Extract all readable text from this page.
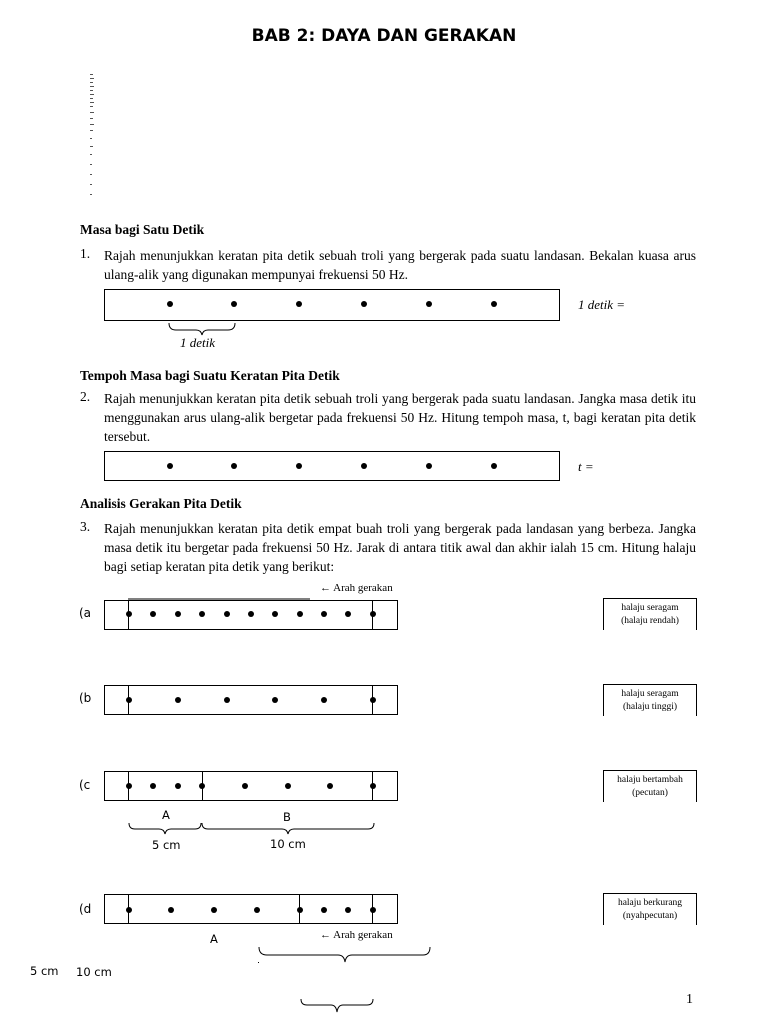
BAB 2: DAYA DAN GERAKAN
Masa bagi Satu Detik
1. Rajah menunjukkan keratan pita detik sebuah troli yang bergerak pada suatu landasan. Bekalan kuasa arus ulang-alik yang digunakan mempunyai frekuensi 50 Hz.
1 detik
1 detik =
Tempoh Masa bagi Suatu Keratan Pita Detik
2. Rajah menunjukkan keratan pita detik sebuah troli yang bergerak pada suatu landasan. Jangka masa detik itu menggunakan arus ulang-alik bergetar pada frekuensi 50 Hz. Hitung tempoh masa, t, bagi keratan pita detik tersebut.
t =
Analisis Gerakan Pita Detik
3. Rajah menunjukkan keratan pita detik empat buah troli yang bergerak pada landasan yang berbeza. Jangka masa detik itu bergetar pada frekuensi 50 Hz. Jarak di antara titik awal dan akhir ialah 15 cm. Hitung halaju bagi setiap keratan pita detik yang berikut:
← Arah gerakan
(a	halaju seragam
(halaju rendah)
(b	halaju seragam
(halaju tinggi)
(c	halaju bertambah
(pecutan)
A	B
5 cm	10 cm
(d	halaju berkurang
(nyahpecutan)
A	← Arah gerakan
5 cm 10 cm
1
